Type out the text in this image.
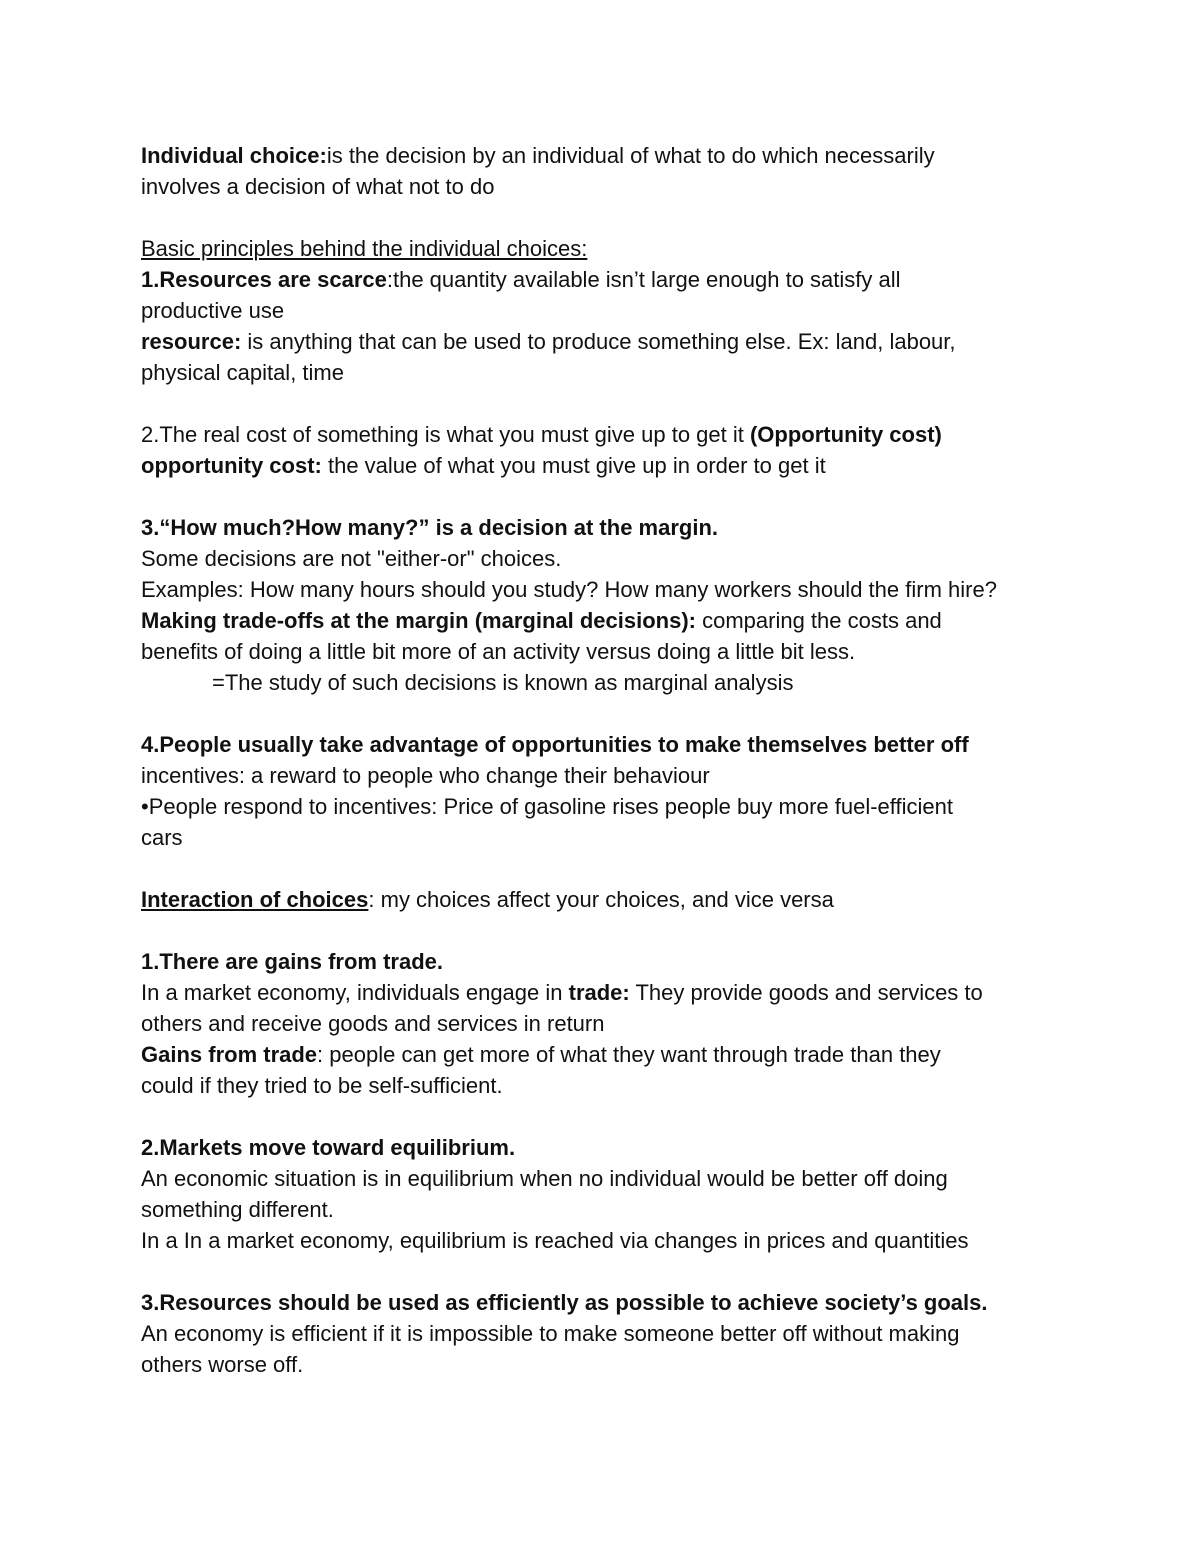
Individual choice:is the decision by an individual of what to do which necessarily

involves a decision of what not to do

Basic principles behind the individual choices:

1.Resources are scarce:the quantity available isn’t large enough to satisfy all

productive use

resource: is anything that can be used to produce something else. Ex: land, labour,

physical capital, time

2.The real cost of something is what you must give up to get it (Opportunity cost)

opportunity cost: the value of what you must give up in order to get it

3.“How much?How many?” is a decision at the margin.

Some decisions are not "either-or" choices.

Examples: How many hours should you study? How many workers should the firm hire?

Making trade-offs at the margin (marginal decisions): comparing the costs and

benefits of doing a little bit more of an activity versus doing a little bit less.

=The study of such decisions is known as marginal analysis

4.People usually take advantage of opportunities to make themselves better off

incentives: a reward to people who change their behaviour

•People respond to incentives: Price of gasoline rises people buy more fuel-efficient

cars

Interaction of choices: my choices affect your choices, and vice versa

1.There are gains from trade.

In a market economy, individuals engage in trade: They provide goods and services to

others and receive goods and services in return

Gains from trade: people can get more of what they want through trade than they

could if they tried to be self-sufficient.

2.Markets move toward equilibrium.

An economic situation is in equilibrium when no individual would be better off doing

something different.

In a In a market economy, equilibrium is reached via changes in prices and quantities

3.Resources should be used as efficiently as possible to achieve society’s goals.

An economy is efficient if it is impossible to make someone better off without making

others worse off.
